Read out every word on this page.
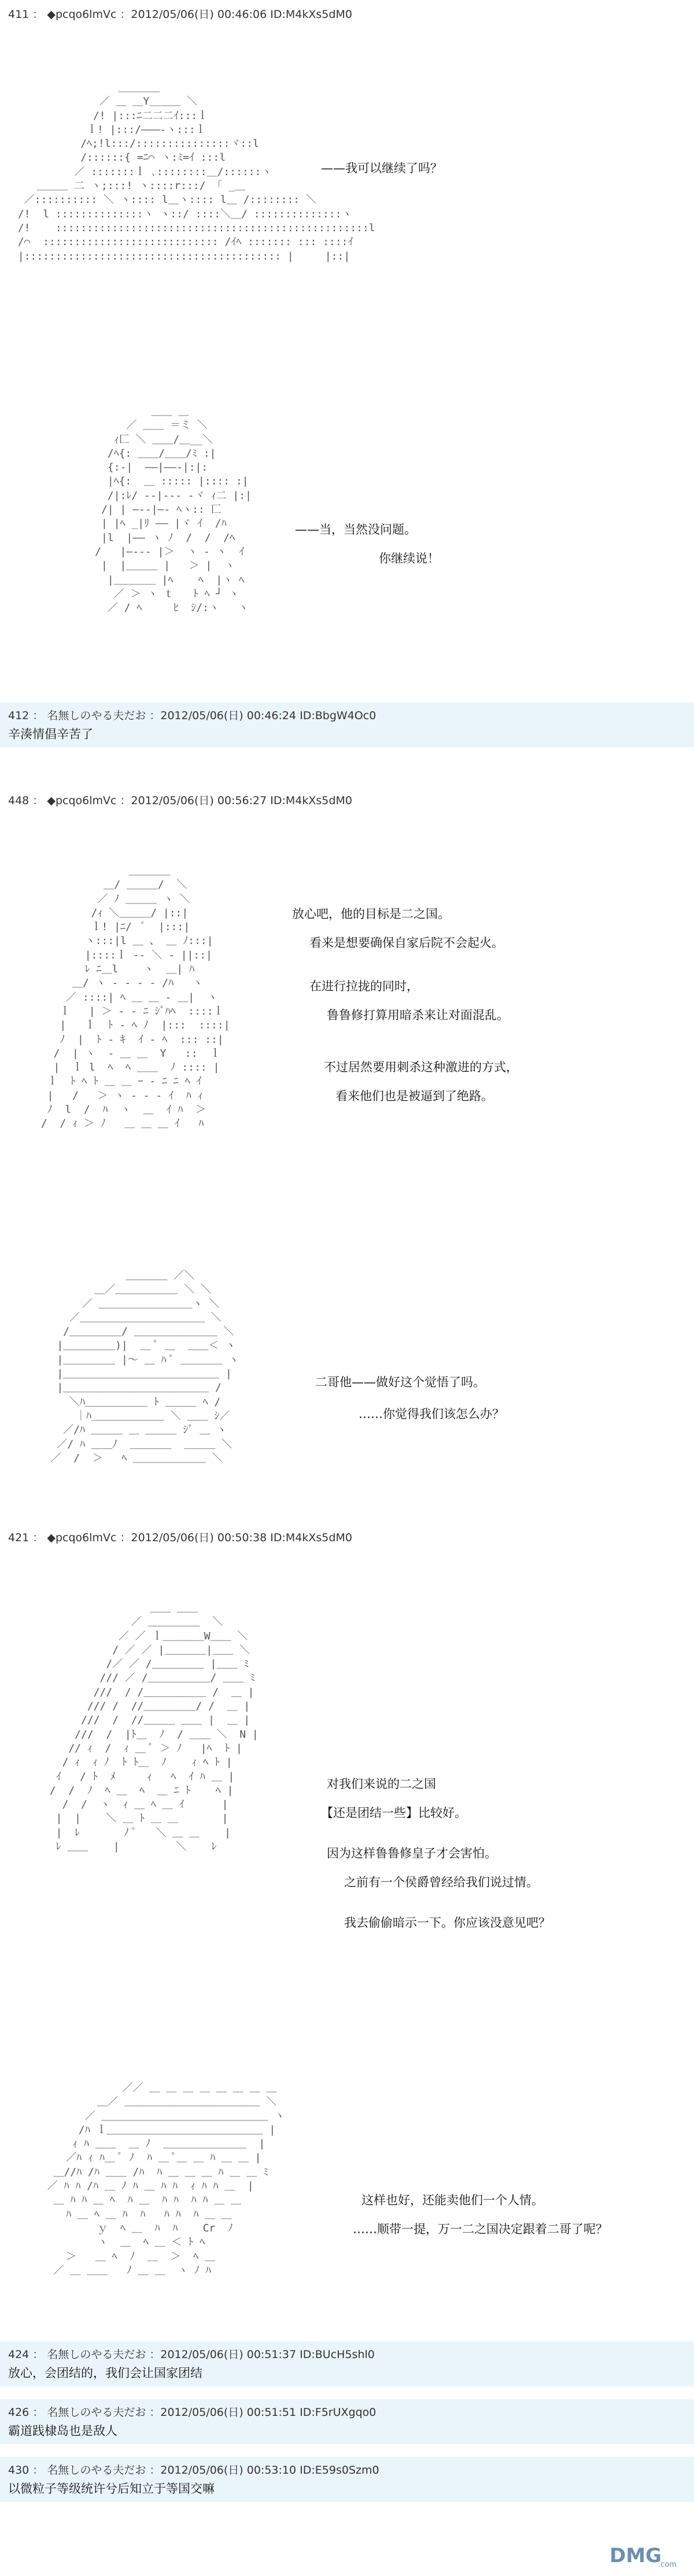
411 ： ◆pcqo6lmVc ：2012/05/06(日) 00:46:06 ID:M4kXs5dM0
＿＿＿＿
／ ＿ ＿Y＿＿＿ ＼
/! |:::ﾆ二二二ｲ:::ｌ
ｌ! |:::/―――‐ヽ:::ｌ
/ﾍ;!l:::/:::::::::::::::ヾ::l
/::::::{ =ﾆ⌒ ヽ:ﾐ=ｲ :::l
／ :::::::ｌ ､::::::::＿/::::::ヽ
＿＿＿ 二 ヽ;:::! ヽ::::r:::/ 「 _＿
／:::::::::: ＼ ヽ:::: l＿ヽ:::: l＿ /:::::::: ＼
/!  l ::::::::::::::ヽ ヽ::/ ::::＼＿/ ::::::::::::::ヽ
/!    ::::::::::::::::::::::::::::::::::::::::::::::::::l
/⌒  :::::::::::::::::::::::::::: /ｲﾍ ::::::: ::: ::::ｲ
|::::::::::::::::::::::::::::::::::::::::: |     |::|
——我可以继续了吗？
＿＿ ＿
／ ＿＿ ＝ミ ＼
ｨ匚 ＼ ＿＿/＿__＼
/ﾍ{: ＿＿/＿＿/ﾐ :|
{:-|  ――|――-|:|:
|ﾍ{:  ＿ ::::: |:::: :|
/|:ﾚ/ ‐‐|‐‐‐ ‐ヾ ｨ二 |:|
/| | ―‐‐|―‐ ﾍヽ:: 匚
| |ﾍ _|ﾘ ―― |ヾ ｲ  /ﾊ
|l  |―― ヽ ﾉ  /  /  /ﾍ
/   |―‐‐‐ |＞  ヽ ‐ ヽ  ｲ
|  |＿＿＿ |   ＞ |  ヽ
|＿＿＿＿ |ﾍ    ﾍ  |ヽ ﾍ
／ ＞ ヽ ｔ   ﾄ ﾍ ┘ ヽ
／ / ﾍ     ﾋ  ｼ/:ヽ   ヽ
——当，当然没问题。
你继续说！
412 ： 名無しのやる夫だお ：2012/05/06(日) 00:46:24 ID:BbgW4Oc0
辛湊情倡辛苦了
448 ： ◆pcqo6lmVc ：2012/05/06(日) 00:56:27 ID:M4kXs5dM0
＿＿＿＿
＿/ ＿＿＿/  ＼
／ ﾉ ＿＿＿ ヽ ＼
/ｨ ＼＿＿＿/ |::|
ｌ! |ﾆ/  ﾟ  |:::|
ヽ:::|l ＿ 、 ＿ ﾉ:::|
|::::ｌ ‐‐ ＼ ‐ ||::|
ﾚ ﾆ＿l    ヽ  ＿| ﾊ
＿/ ヽ ‐ ‐ ‐ ‐ /ﾊ   ヽ
／ ::::| ﾍ ＿ ＿ ‐ ＿|  ヽ
ｌ   | ＞ ‐ ‐ ﾆ ｼﾞﾊﾍ  ::::ｌ
|   ｌ  ﾄ ‐ ﾍ ﾉ  |:::  ::::|
ﾉ  |  ﾄ ‐ ｷ  ｲ ‐ ﾍ  ::: ::|
/  | ヽ  ‐ ＿ ＿  Y   ::  ｌ
|  ｌ l  ﾍ  ﾍ ＿＿  ﾉ :::: |
ｌ  ﾄ ﾍ ﾄ ＿ ＿ ｰ ‐ ﾆ ﾆ ﾍ ｲ
|   /   ＞ ヽ ‐ ‐ ‐ ｲ  ﾊ ｨ
ﾉ  l  /  ﾊ  ヽ  ＿  ｲ ﾊ  ＞
/  / ｨ ＞ ﾉ   ＿ ＿ ＿ ｲ   ﾊ
放心吧，他的目标是二之国。
看来是想要确保自家后院不会起火。
在进行拉拢的同时，
鲁鲁修打算用暗杀来让对面混乱。
不过居然要用刺杀这种激进的方式，
看来他们也是被逼到了绝路。
＿＿＿＿ ／＼
＿／＿＿＿＿＿＿ ＼ ＼
／ ＿＿＿＿＿＿＿＿＿ヽ ＼
／＿＿＿＿＿＿＿＿＿＿＿＿ ＼
/＿＿＿＿＿/ ＿＿＿＿＿＿＿＿ ＼
|＿＿＿＿＿)|  ＿ ﾟ ＿  ＿＿＜ ヽ
|＿＿＿＿＿ |～ ＿ ﾊ ﾟ ＿＿＿＿ ヽ
|＿＿＿＿＿＿＿＿＿＿＿＿＿＿＿ |
|＿＿＿＿＿＿＿＿＿＿＿＿＿＿ /
＼ﾊ＿＿＿＿＿＿ ﾄ ＿＿＿ ﾍ /
｜ﾊ＿＿＿＿＿＿＿ ＼ ＿＿ ｼ／
／/ﾊ ＿＿＿ ＿ ＿＿＿ ｼﾞ ＿ ヽ
／/ ﾊ ＿＿ﾉ  ＿＿＿＿  ＿＿＿ ＼
／  /  ＞   ﾍ ＿＿＿＿＿＿＿ ＼
二哥他——做好这个觉悟了吗。
……你觉得我们该怎么办？
421 ： ◆pcqo6lmVc ：2012/05/06(日) 00:50:38 ID:M4kXs5dM0
＿＿ ＿＿
／ ＿＿＿＿＿  ＼
／ ／ ｌ＿＿＿＿W＿＿ ＼
/ ／ ／ |＿＿＿＿|＿＿ ＼
/／ ／ /＿＿＿＿＿ |＿＿ ﾐ
/// ／ /＿＿＿＿＿＿/ ＿＿ ﾐ
///  / /＿＿＿＿＿＿ /  ＿ |
/// /  //＿＿＿＿＿/ /  ＿ |
///  /  //＿＿＿ ＿＿ |  ＿ |
///  /  |ﾄ＿  ﾉ  / ＿＿ ＼  N |
// ｨ  /  ｨ ＿ ﾟ ＞ ﾉ   |ﾍ  ﾄ |
/ ｨ  ｨ ﾉ  ﾄ ﾄ＿  ﾉ    ｨ ﾍ ﾄ |
ｲ   / ﾄ  ﾒ     ｨ   ﾍ  ｲ ﾊ ＿ |
/  /  ﾉ  ﾍ ＿  ﾍ  ＿ ﾆ ﾄ    ﾍ |
/  /  ヽ  ｨ ＿ ﾍ ＿ ｲ      |
|  |    ＼ ＿ ﾄ ＿ ＿       |
|  ﾚ       ﾉ ﾟ   ＼ ＿ ＿    |
ﾚ ＿＿    |         ＼    ﾚ
对我们来说的二之国
【还是团结一些】比较好。
因为这样鲁鲁修皇子才会害怕。
之前有一个侯爵曾经给我们说过情。
我去偷偷暗示一下。你应该没意见吧？
／／ ＿ ＿ ＿ ＿ ＿ ＿ ＿ ＿
＿／ ＿＿＿＿＿＿＿＿＿＿＿＿＿ ＼
／ ＿＿＿＿＿＿＿＿＿＿＿＿＿＿＿＿ ヽ
/ﾊ ｌ＿＿＿＿＿＿＿＿＿＿＿＿＿＿＿ |
ｨ ﾊ ＿＿  ＿ ﾉ  ＿＿＿＿＿＿＿＿  |
／ﾊ ｨ ﾊ＿ ﾟ ﾉ  ﾊ ＿ ﾟ＿ ＿ ﾊ ＿ ＿ |
＿//ﾊ /ﾊ ＿＿ /ﾊ  ﾊ ＿ ＿ ＿ ﾊ ＿ ＿ ﾐ
／ ﾊ ﾊ /ﾊ ＿ ﾉ ﾊ ＿ ﾊ ﾊ  ｨ ﾊ ﾊ ＿  |
＿ ﾊ ﾊ ＿ ﾍ  ﾊ ＿  ﾊ ﾊ  ﾊ ﾊ ＿ ＿
ﾊ ＿ ﾍ ＿ ﾊ  ﾊ   ﾊ ﾊ  ﾊ ＿ ＿
ｙ  ﾍ ＿  ﾊ  ﾊ    Cr  ﾉ
ヽ  ＿  ﾍ ＿ ＜ ﾄ ﾍ
＞   ＿ ﾍ  ﾉ  ＿  ＞  ﾍ ＿
／ ＿ ＿＿   ﾉ ＿ ＿  ヽ ﾉ ﾊ
这样也好，还能卖他们一个人情。
……顺带一提，万一二之国决定跟着二哥了呢？
424 ： 名無しのやる夫だお ：2012/05/06(日) 00:51:37 ID:BUcH5shl0
放心，会团结的，我们会让国家团结
426 ： 名無しのやる夫だお ：2012/05/06(日) 00:51:51 ID:F5rUXgqo0
霸道践棣岛也是敌人
430 ： 名無しのやる夫だお ：2012/05/06(日) 00:53:10 ID:E59s0Szm0
以微粒子等级统许兮后知立于等国交嘛
DMG
.com
